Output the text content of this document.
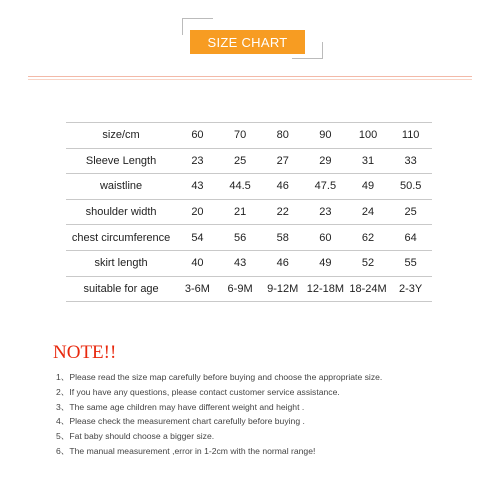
SIZE CHART
size/cm	60	70	80	90	100	110
Sleeve Length	23	25	27	29	31	33
waistline	43	44.5	46	47.5	49	50.5
shoulder width	20	21	22	23	24	25
chest circumference	54	56	58	60	62	64
skirt length	40	43	46	49	52	55
suitable for age	3-6M	6-9M	9-12M	12-18M	18-24M	2-3Y
NOTE!!
1、Please read the size map carefully before buying and choose the appropriate size.
2、If you have any questions, please contact customer service assistance.
3、The same age children may have different weight and height .
4、Please check the measurement chart carefully before buying .
5、Fat baby should choose a bigger size.
6、The manual measurement ,error in 1-2cm with the normal range!
